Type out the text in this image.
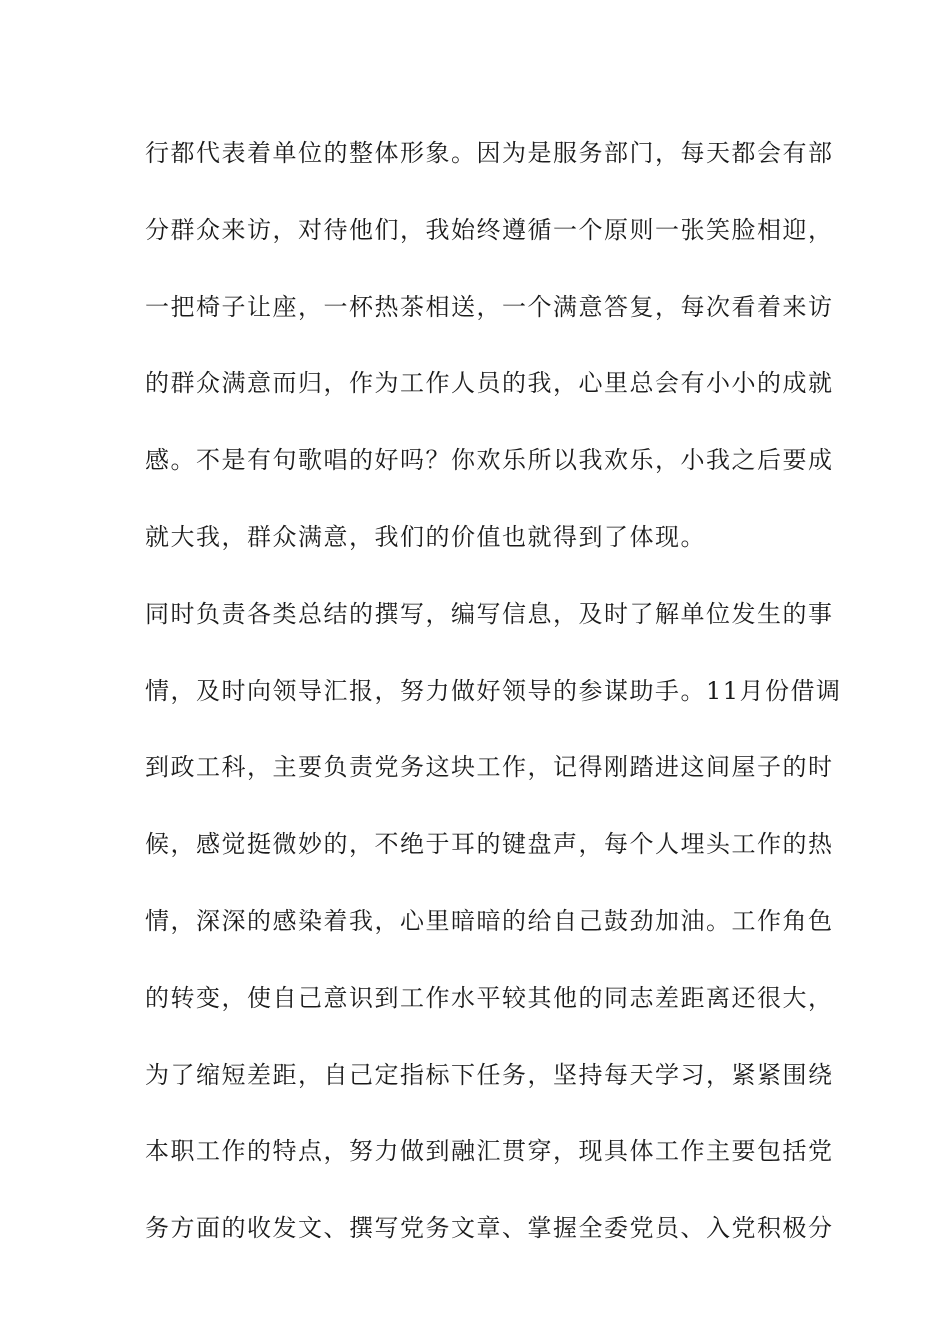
行都代表着单位的整体形象。因为是服务部门，每天都会有部
分群众来访，对待他们，我始终遵循一个原则一张笑脸相迎，
一把椅子让座，一杯热茶相送，一个满意答复，每次看着来访
的群众满意而归，作为工作人员的我，心里总会有小小的成就
感。不是有句歌唱的好吗？你欢乐所以我欢乐，小我之后要成
就大我，群众满意，我们的价值也就得到了体现。
同时负责各类总结的撰写，编写信息，及时了解单位发生的事
情，及时向领导汇报，努力做好领导的参谋助手。11月份借调
到政工科，主要负责党务这块工作，记得刚踏进这间屋子的时
候，感觉挺微妙的，不绝于耳的键盘声，每个人埋头工作的热
情，深深的感染着我，心里暗暗的给自己鼓劲加油。工作角色
的转变，使自己意识到工作水平较其他的同志差距离还很大，
为了缩短差距，自己定指标下任务，坚持每天学习，紧紧围绕
本职工作的特点，努力做到融汇贯穿，现具体工作主要包括党
务方面的收发文、撰写党务文章、掌握全委党员、入党积极分
